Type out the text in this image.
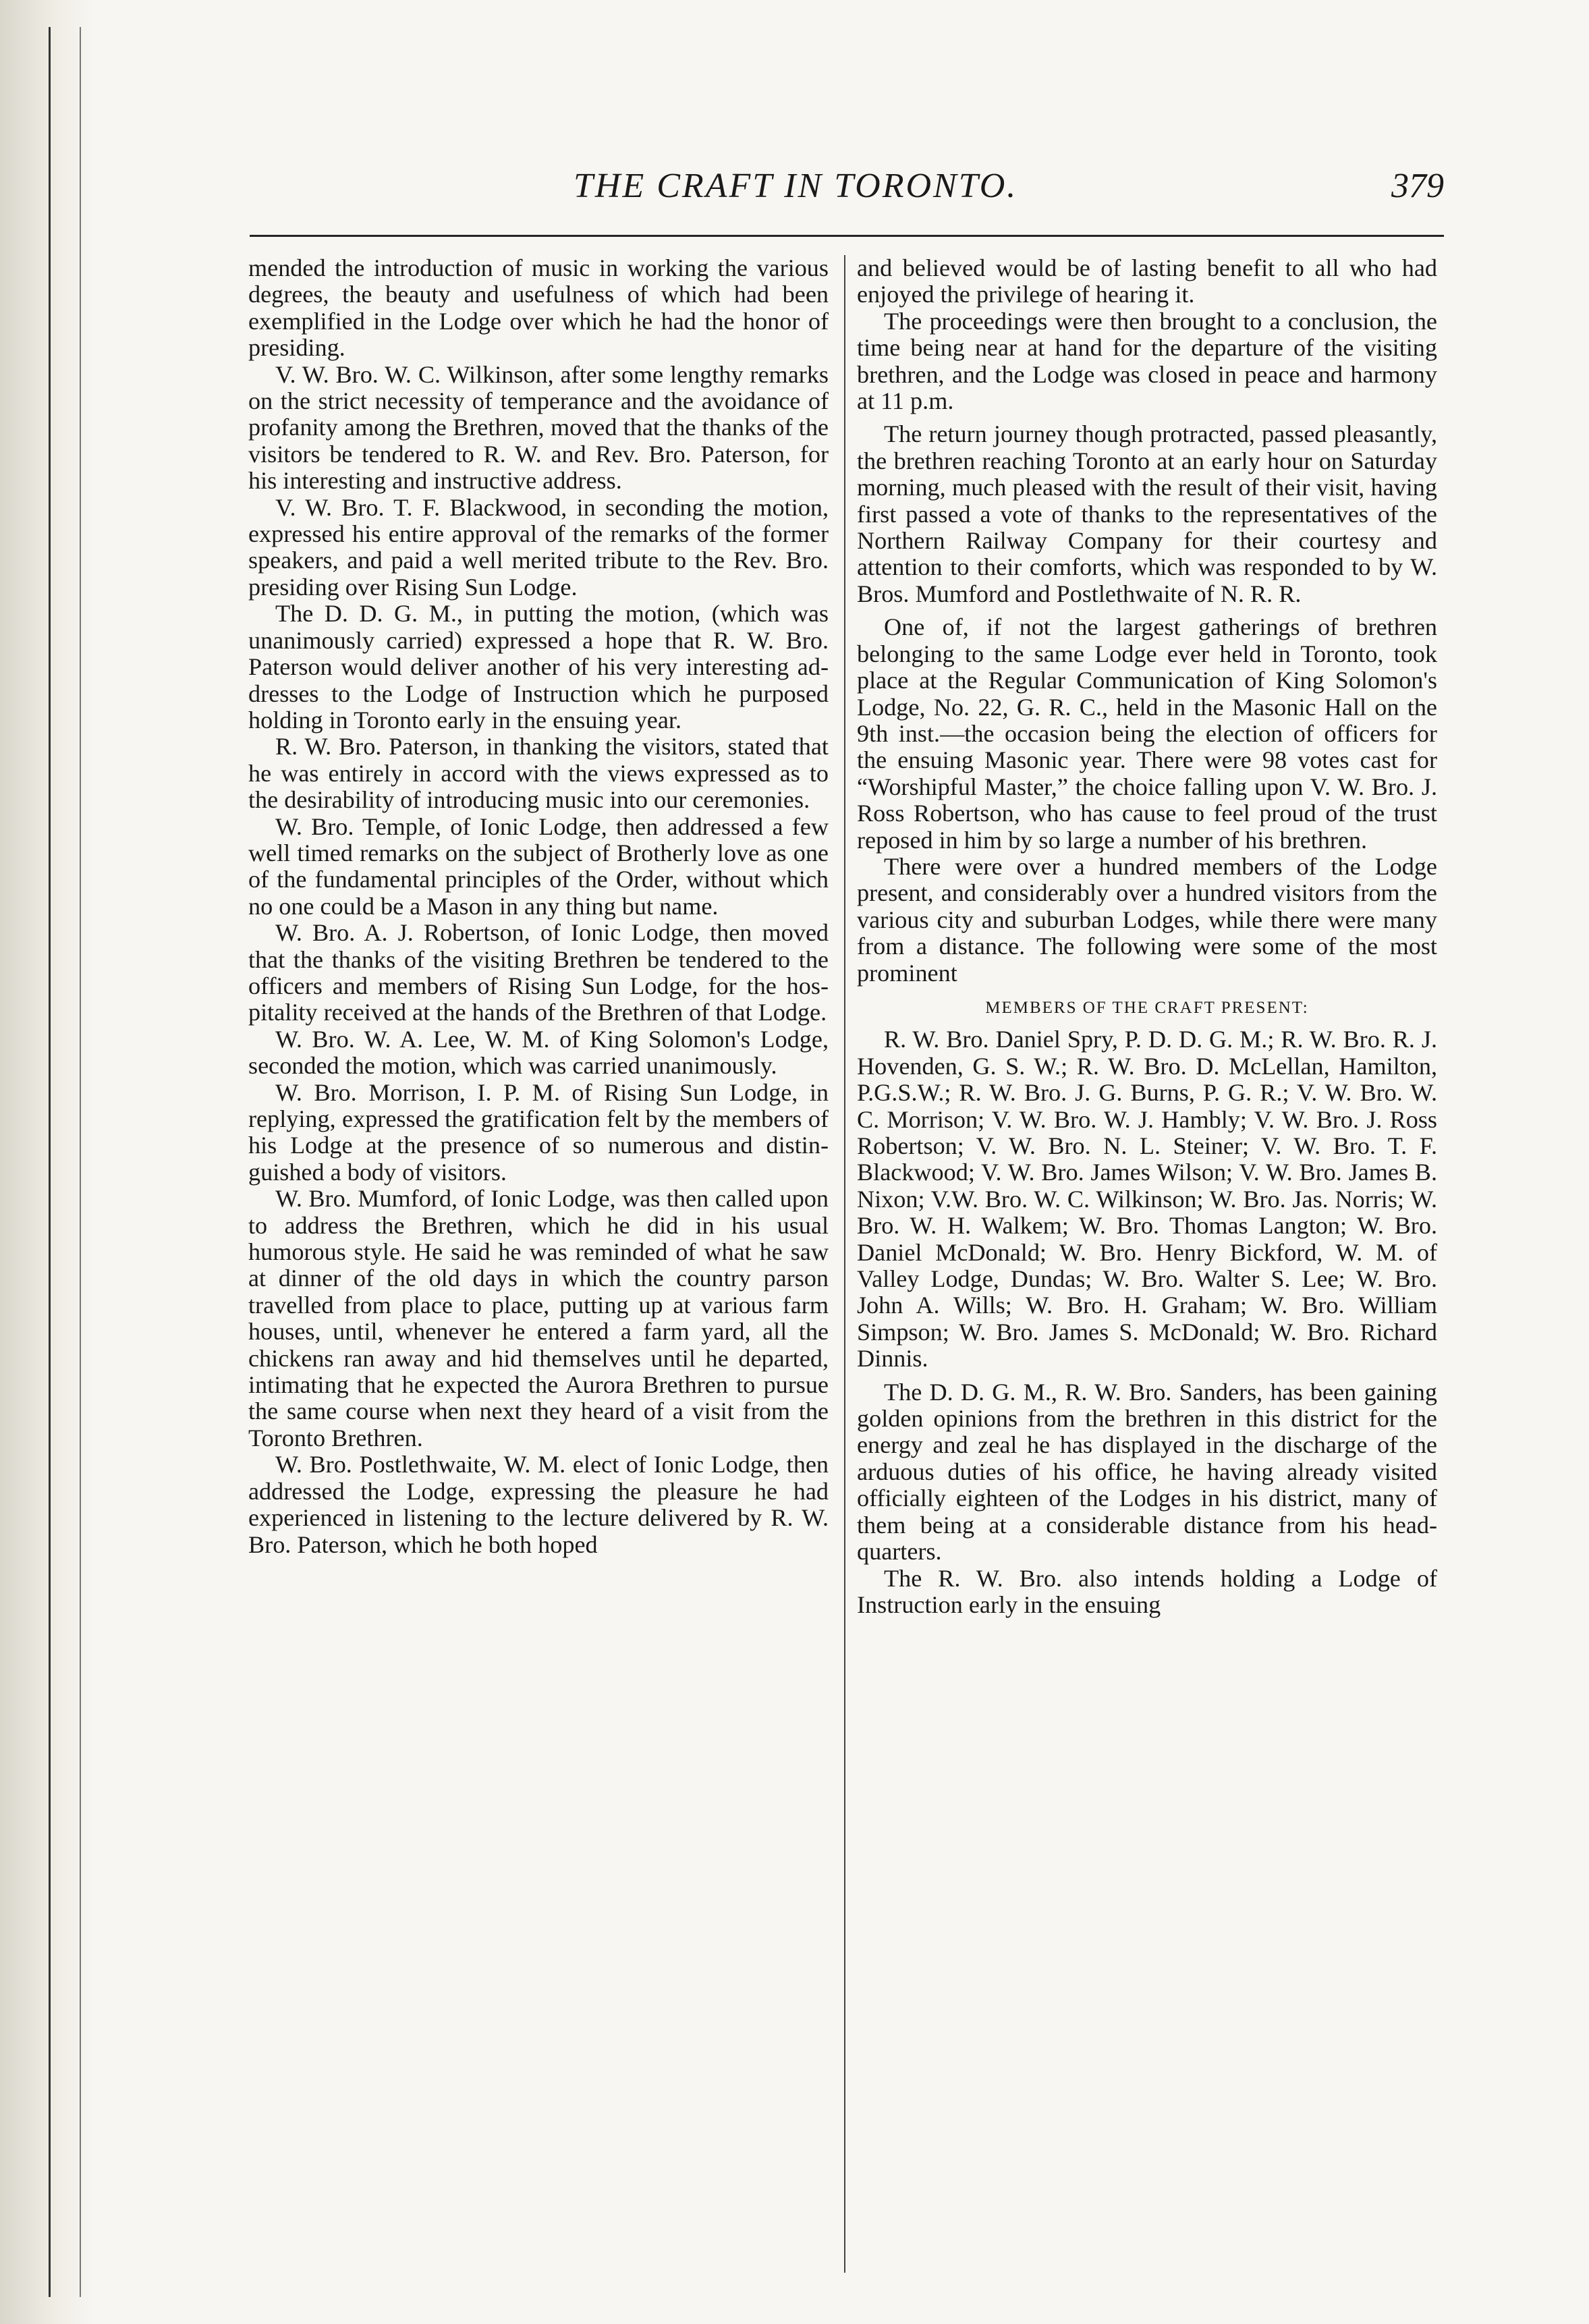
THE CRAFT IN TORONTO.	379

mended the introduction of music in working the various degrees, the beauty and usefulness of which had been exemplified in the Lodge over which he had the honor of presiding.

V. W. Bro. W. C. Wilkinson, after some lengthy remarks on the strict necessity of temperance and the avoidance of profanity among the Brethren, moved that the thanks of the visitors be tendered to R. W. and Rev. Bro. Paterson, for his interesting and instructive address.

V. W. Bro. T. F. Blackwood, in seconding the motion, expressed his entire approval of the remarks of the former speakers, and paid a well merited tribute to the Rev. Bro. presiding over Rising Sun Lodge.

The D. D. G. M., in putting the motion, (which was unanimously carried) expressed a hope that R. W. Bro. Paterson would deliver another of his very interesting addresses to the Lodge of Instruction which he purposed holding in Toronto early in the ensuing year.

R. W. Bro. Paterson, in thanking the visitors, stated that he was entirely in accord with the views expressed as to the desirability of introducing music into our ceremonies.

W. Bro. Temple, of Ionic Lodge, then addressed a few well timed remarks on the subject of Brotherly love as one of the fundamental principles of the Order, without which no one could be a Mason in any thing but name.

W. Bro. A. J. Robertson, of Ionic Lodge, then moved that the thanks of the visiting Brethren be tendered to the officers and members of Rising Sun Lodge, for the hospitality received at the hands of the Brethren of that Lodge.

W. Bro. W. A. Lee, W. M. of King Solomon's Lodge, seconded the motion, which was carried unanimously.

W. Bro. Morrison, I. P. M. of Rising Sun Lodge, in replying, expressed the gratification felt by the members of his Lodge at the presence of so numerous and distinguished a body of visitors.

W. Bro. Mumford, of Ionic Lodge, was then called upon to address the Brethren, which he did in his usual humorous style. He said he was reminded of what he saw at dinner of the old days in which the country parson travelled from place to place, putting up at various farm houses, until, whenever he entered a farm yard, all the chickens ran away and hid themselves until he departed, intimating that he expected the Aurora Brethren to pursue the same course when next they heard of a visit from the Toronto Brethren.

W. Bro. Postlethwaite, W. M. elect of Ionic Lodge, then addressed the Lodge, expressing the pleasure he had experienced in listening to the lecture delivered by R. W. Bro. Paterson, which he both hoped

and believed would be of lasting benefit to all who had enjoyed the privilege of hearing it.

The proceedings were then brought to a conclusion, the time being near at hand for the departure of the visiting brethren, and the Lodge was closed in peace and harmony at 11 p.m.

The return journey though protracted, passed pleasantly, the brethren reaching Toronto at an early hour on Saturday morning, much pleased with the result of their visit, having first passed a vote of thanks to the representatives of the Northern Railway Company for their courtesy and attention to their comforts, which was responded to by W. Bros. Mumford and Postlethwaite of N. R. R.

One of, if not the largest gatherings of brethren belonging to the same Lodge ever held in Toronto, took place at the Regular Communication of King Solomon's Lodge, No. 22, G. R. C., held in the Masonic Hall on the 9th inst.—the occasion being the election of officers for the ensuing Masonic year. There were 98 votes cast for “Worshipful Master,” the choice falling upon V. W. Bro. J. Ross Robertson, who has cause to feel proud of the trust reposed in him by so large a number of his brethren.

There were over a hundred members of the Lodge present, and considerably over a hundred visitors from the various city and suburban Lodges, while there were many from a distance. The following were some of the most prominent

MEMBERS OF THE CRAFT PRESENT:

R. W. Bro. Daniel Spry, P. D. D. G. M.; R. W. Bro. R. J. Hovenden, G. S. W.; R. W. Bro. D. McLellan, Hamilton, P.G.S.W.; R. W. Bro. J. G. Burns, P. G. R.; V. W. Bro. W. C. Morrison; V. W. Bro. W. J. Hambly; V. W. Bro. J. Ross Robertson; V. W. Bro. N. L. Steiner; V. W. Bro. T. F. Blackwood; V. W. Bro. James Wilson; V. W. Bro. James B. Nixon; V.W. Bro. W. C. Wilkinson; W. Bro. Jas. Norris; W. Bro. W. H. Walkem; W. Bro. Thomas Langton; W. Bro. Daniel McDonald; W. Bro. Henry Bickford, W. M. of Valley Lodge, Dundas; W. Bro. Walter S. Lee; W. Bro. John A. Wills; W. Bro. H. Graham; W. Bro. William Simpson; W. Bro. James S. McDonald; W. Bro. Richard Dinnis.

The D. D. G. M., R. W. Bro. Sanders, has been gaining golden opinions from the brethren in this district for the energy and zeal he has displayed in the discharge of the arduous duties of his office, he having already visited officially eighteen of the Lodges in his district, many of them being at a considerable distance from his headquarters.

The R. W. Bro. also intends holding a Lodge of Instruction early in the ensuing
